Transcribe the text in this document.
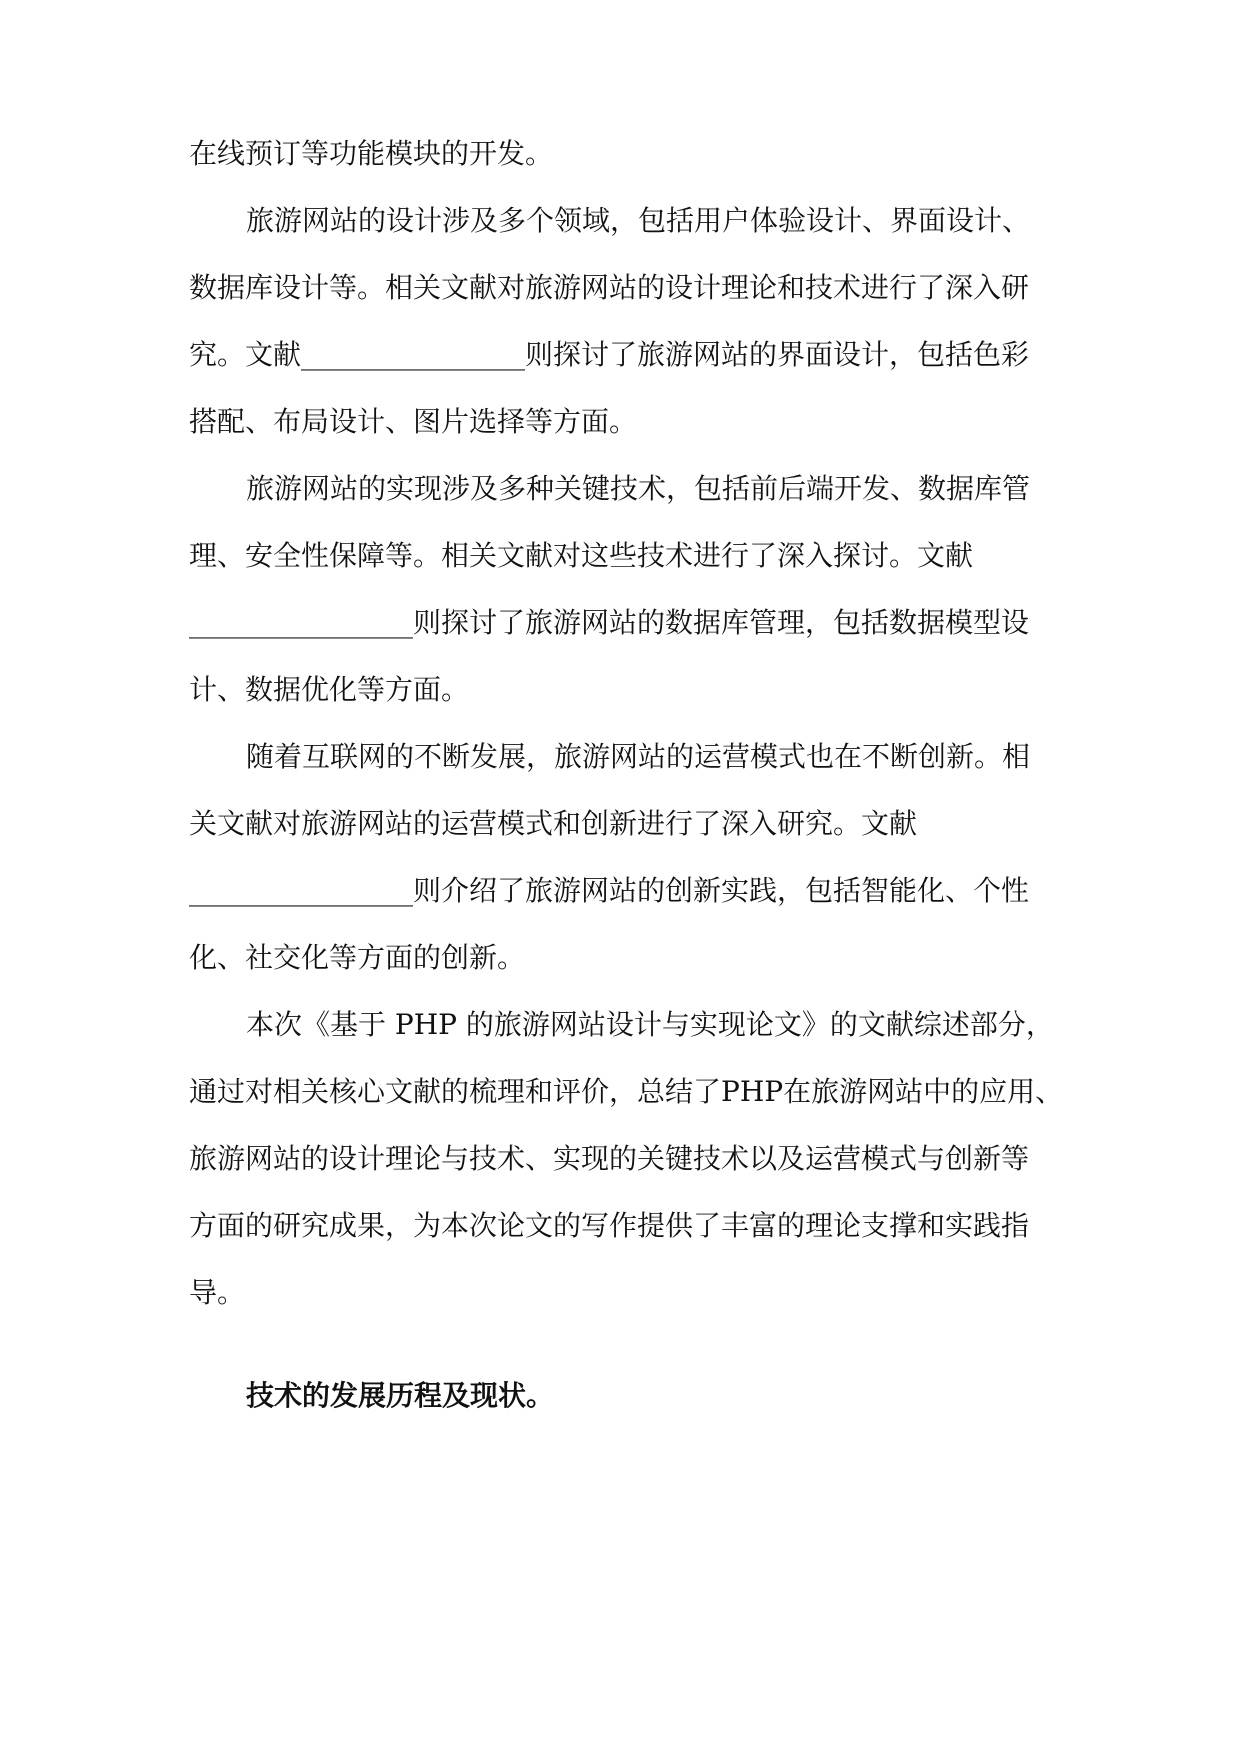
在线预订等功能模块的开发。
旅游网站的设计涉及多个领域，包括用户体验设计、界面设计、
数据库设计等。相关文献对旅游网站的设计理论和技术进行了深入研
究。文献________________则探讨了旅游网站的界面设计，包括色彩
搭配、布局设计、图片选择等方面。
旅游网站的实现涉及多种关键技术，包括前后端开发、数据库管
理、安全性保障等。相关文献对这些技术进行了深入探讨。文献
________________则探讨了旅游网站的数据库管理，包括数据模型设
计、数据优化等方面。
随着互联网的不断发展，旅游网站的运营模式也在不断创新。相
关文献对旅游网站的运营模式和创新进行了深入研究。文献
________________则介绍了旅游网站的创新实践，包括智能化、个性
化、社交化等方面的创新。
本次《基于 PHP 的旅游网站设计与实现论文》的文献综述部分，
通过对相关核心文献的梳理和评价，总结了PHP在旅游网站中的应用、
旅游网站的设计理论与技术、实现的关键技术以及运营模式与创新等
方面的研究成果，为本次论文的写作提供了丰富的理论支撑和实践指
导。
技术的发展历程及现状。
